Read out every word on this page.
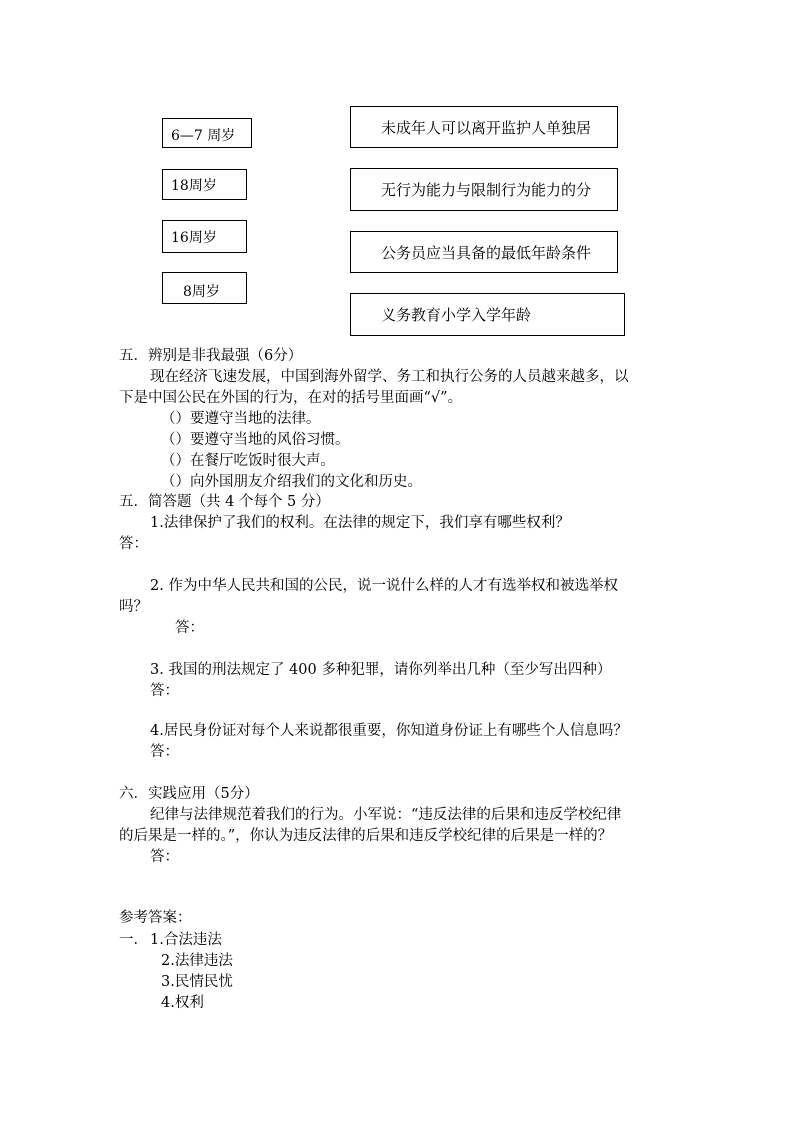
6—7 周岁
18周岁
16周岁
8周岁
未成年人可以离开监护人单独居
无行为能力与限制行为能力的分
公务员应当具备的最低年龄条件
义务教育小学入学年龄
五．辨别是非我最强（6分）
现在经济飞速发展，中国到海外留学、务工和执行公务的人员越来越多，以
下是中国公民在外国的行为，在对的括号里面画“√”。
（）要遵守当地的法律。
（）要遵守当地的风俗习惯。
（）在餐厅吃饭时很大声。
（）向外国朋友介绍我们的文化和历史。
五．简答题（共 4 个每个 5 分）
1.法律保护了我们的权利。在法律的规定下，我们享有哪些权利？
答：
2. 作为中华人民共和国的公民，说一说什么样的人才有选举权和被选举权
吗？
答：
3. 我国的刑法规定了 400 多种犯罪，请你列举出几种（至少写出四种）
答：
4.居民身份证对每个人来说都很重要，你知道身份证上有哪些个人信息吗？
答：
六．实践应用（5分）
纪律与法律规范着我们的行为。小军说：“违反法律的后果和违反学校纪律
的后果是一样的。”，你认为违反法律的后果和违反学校纪律的后果是一样的？
答：
参考答案：
一． 1.合法违法
2.法律违法
3.民情民忧
4.权利
